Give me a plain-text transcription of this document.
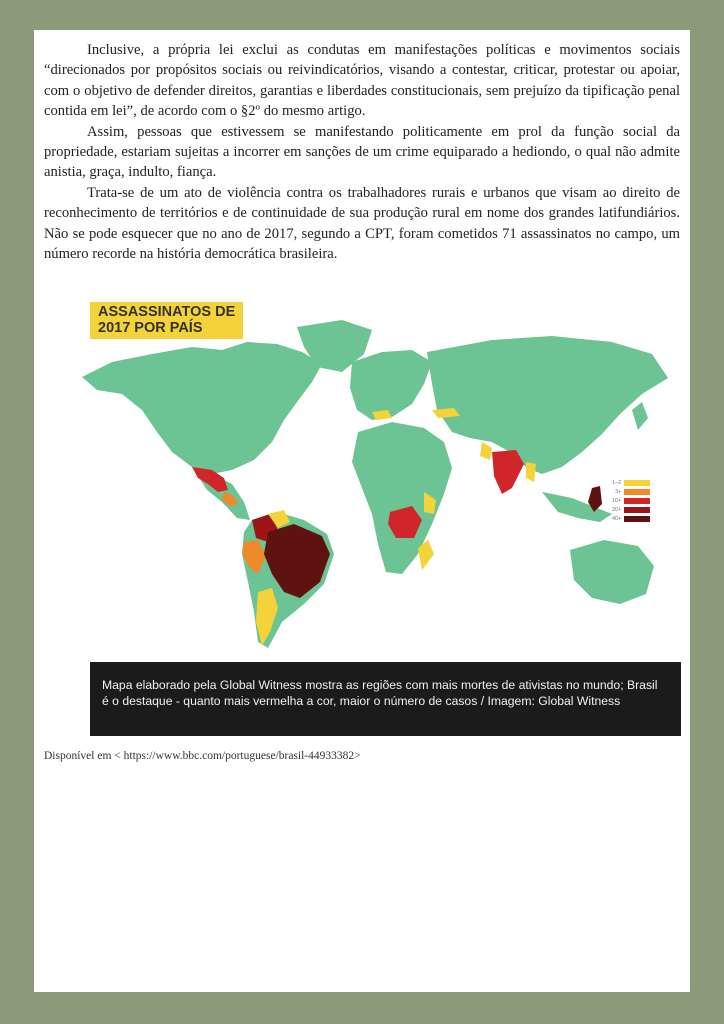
Inclusive, a própria lei exclui as condutas em manifestações políticas e movimentos sociais “direcionados por propósitos sociais ou reivindicatórios, visando a contestar, criticar, protestar ou apoiar, com o objetivo de defender direitos, garantias e liberdades constitucionais, sem prejuízo da tipificação penal contida em lei”, de acordo com o §2º do mesmo artigo.

Assim, pessoas que estivessem se manifestando politicamente em prol da função social da propriedade, estariam sujeitas a incorrer em sanções de um crime equiparado a hediondo, o qual não admite anistia, graça, indulto, fiança.

Trata-se de um ato de violência contra os trabalhadores rurais e urbanos que visam ao direito de reconhecimento de territórios e de continuidade de sua produção rural em nome dos grandes latifundiários. Não se pode esquecer que no ano de 2017, segundo a CPT, foram cometidos 71 assassinatos no campo, um número recorde na história democrática brasileira.

ASSASSINATOS DE
2017 POR PAÍS
1–2
3+
10+
20+
40+
Mapa elaborado pela Global Witness mostra as regiões com mais mortes de ativistas no mundo; Brasil é o destaque - quanto mais vermelha a cor, maior o número de casos / Imagem: Global Witness
Disponível em < https://www.bbc.com/portuguese/brasil-44933382>
